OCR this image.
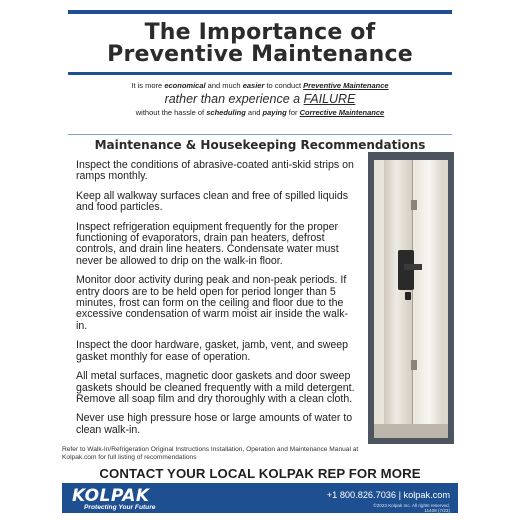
The Importance of
Preventive Maintenance
It is more economical and much easier to conduct Preventive Maintenance
rather than experience a FAILURE
without the hassle of scheduling and paying for Corrective Maintenance
Maintenance & Housekeeping Recommendations

Inspect the conditions of abrasive-coated anti-skid strips on ramps monthly.

Keep all walkway surfaces clean and free of spilled liquids and food particles.

Inspect refrigeration equipment frequently for the proper functioning of evaporators, drain pan heaters, defrost controls, and drain line heaters. Condensate water must never be allowed to drip on the walk-in floor.

Monitor door activity during peak and non-peak periods. If entry doors are to be held open for period longer than 5 minutes, frost can form on the ceiling and floor due to the excessive condensation of warm moist air inside the walk-in.

Inspect the door hardware, gasket, jamb, vent, and sweep gasket monthly for ease of operation.

All metal surfaces, magnetic door gaskets and door sweep gaskets should be cleaned frequently with a mild detergent. Remove all soap film and dry thoroughly with a clean cloth.

Never use high pressure hose or large amounts of water to clean walk-in.

Refer to Walk-In/Refrigeration Original Instructions Installation, Operation and Maintenance Manual at Kolpak.com for full listing of recommendations
CONTACT YOUR LOCAL KOLPAK REP FOR MORE
KOLPAK
Protecting Your Future
+1 800.826.7036 | kolpak.com
©2023 Kolpak Inc. All rights reserved.
11408 (7/23)
